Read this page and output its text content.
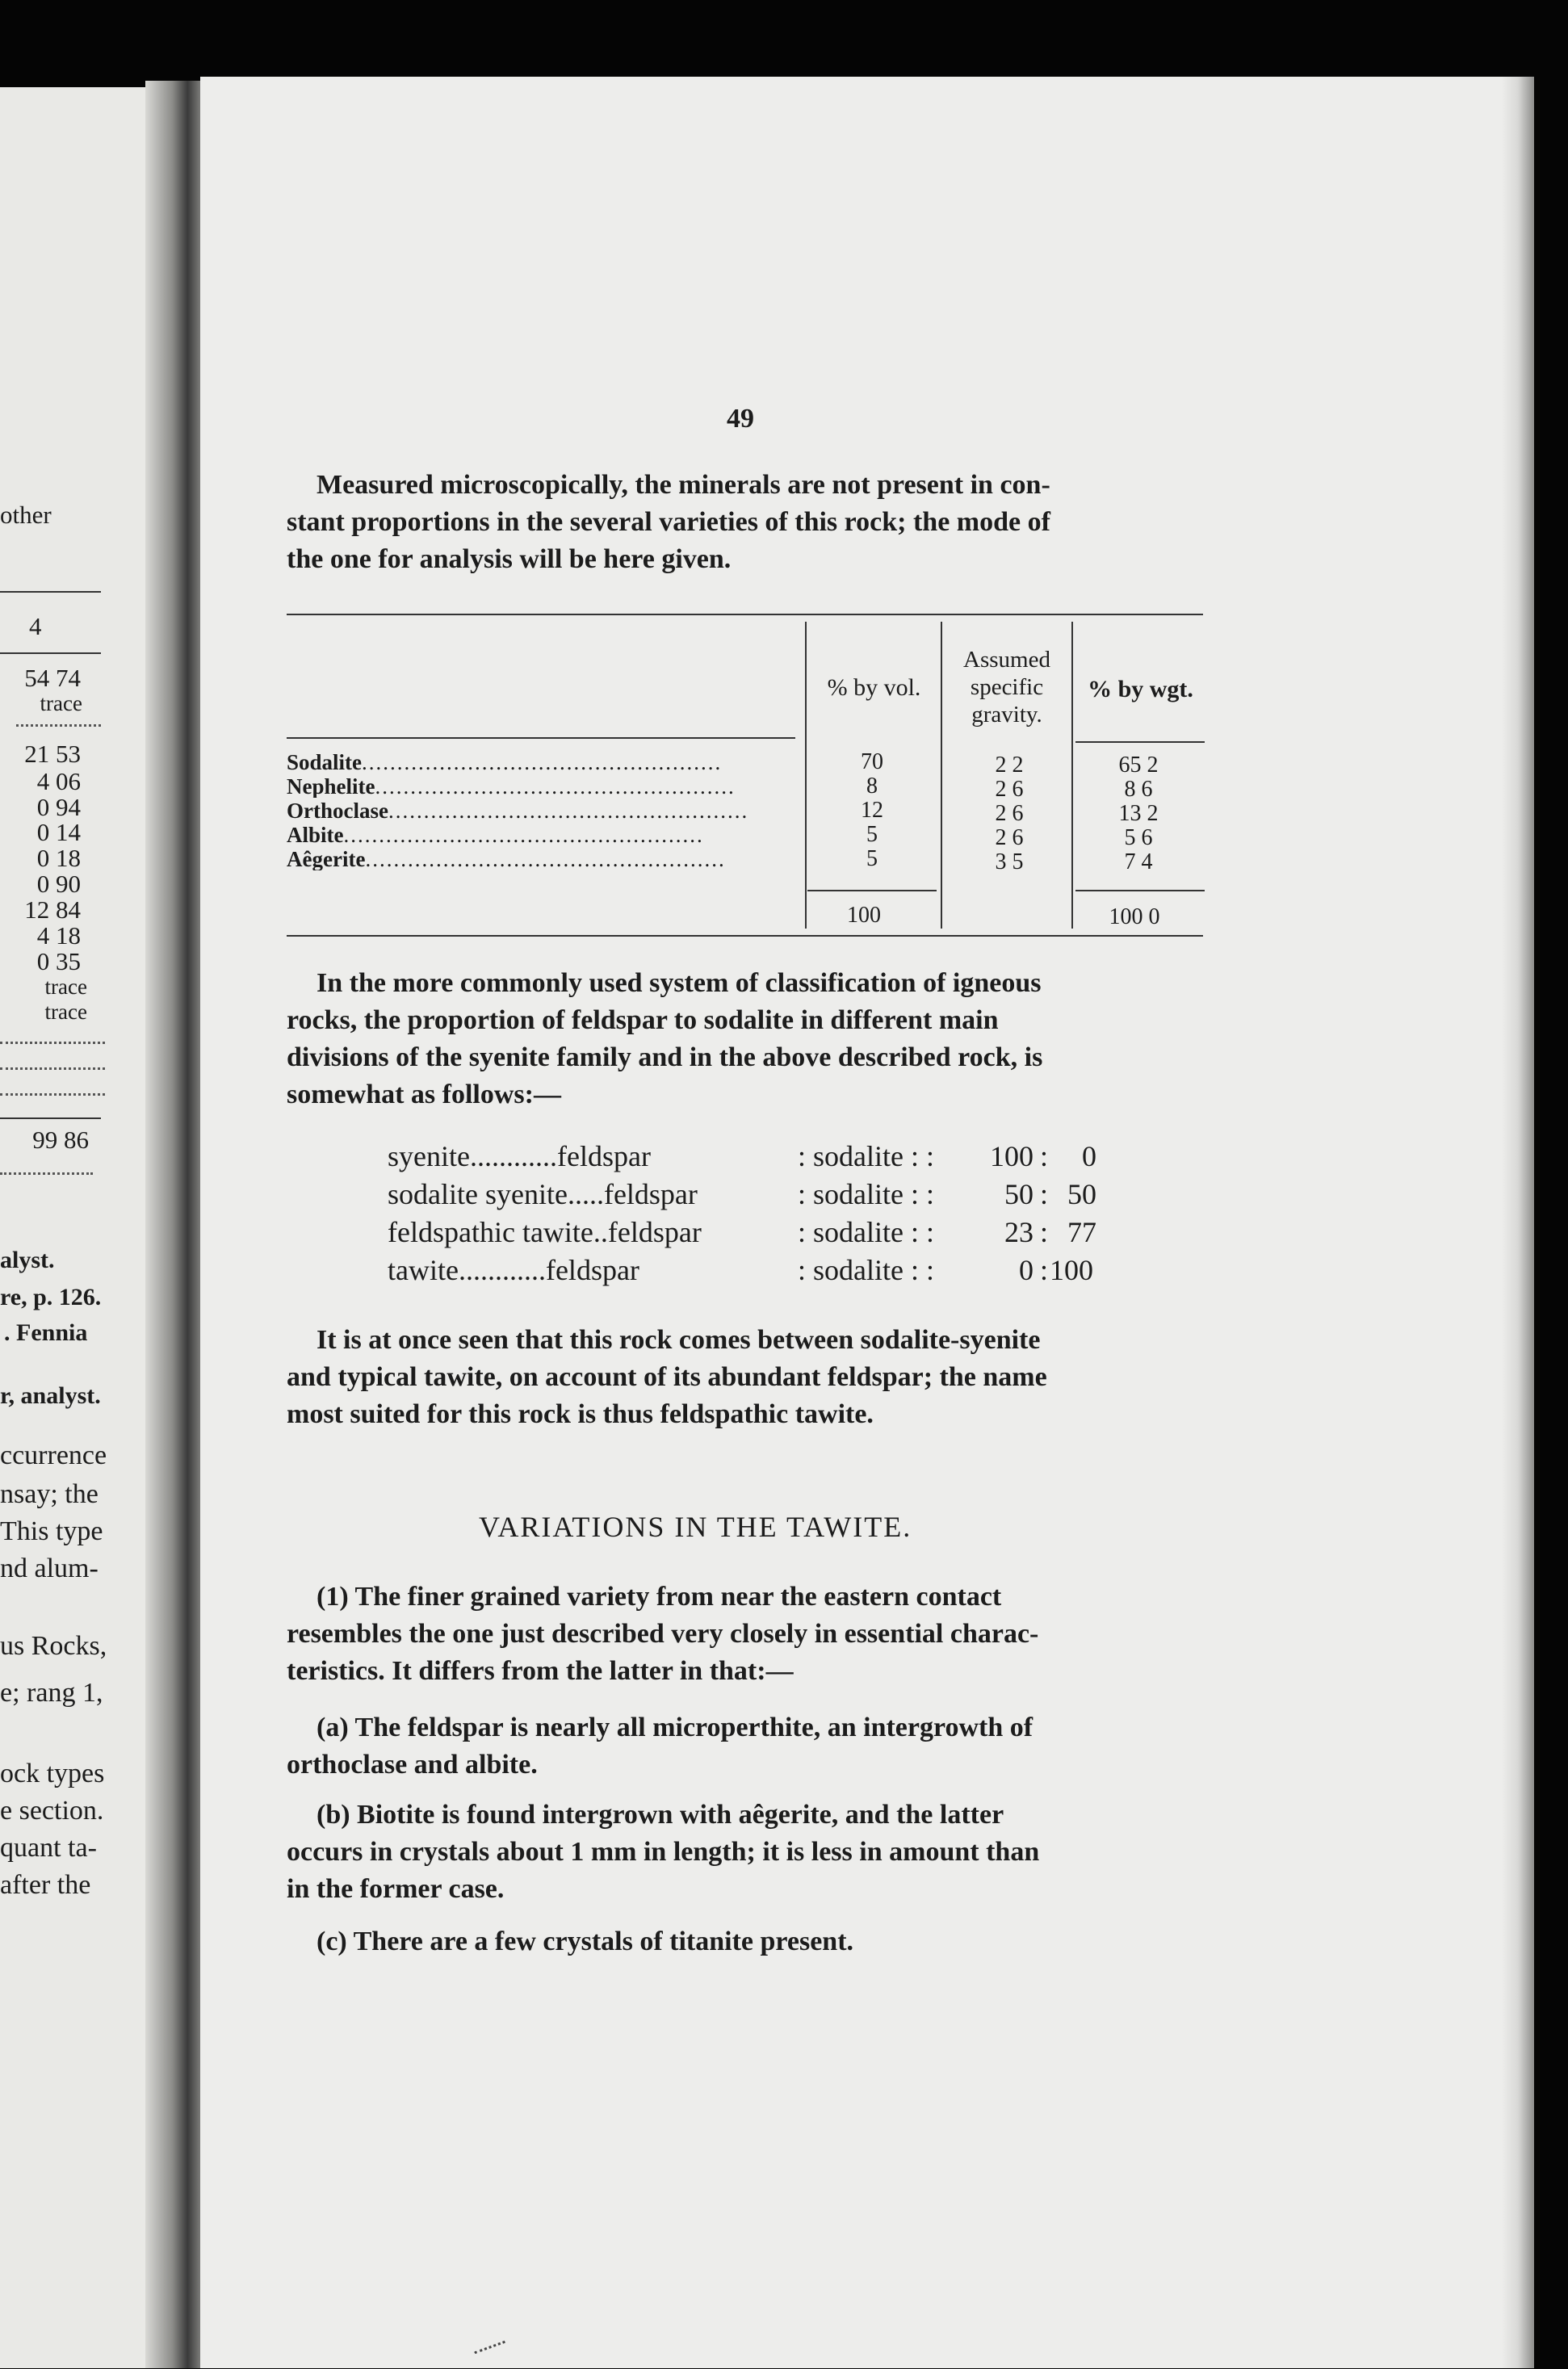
other
4
54 74
trace
21 53
4 06
0 94
0 14
0 18
0 90
12 84
4 18
0 35
trace
trace
99 86
alyst.
re, p. 126.
. Fennia
r, analyst.
ccurrence
nsay; the
This type
nd alum-
us Rocks,
e; rang 1,
ock types
e section.
quant ta-
after the
49
Measured microscopically, the minerals are not present in con-
stant proportions in the several varieties of this rock; the mode of
the one for analysis will be here given.
% by vol.
Assumed
specific
gravity.
% by wgt.
Sodalite...................................................
Nephelite...................................................
Orthoclase...................................................
Albite...................................................
Aêgerite...................................................
70
8
12
5
5
2 2
2 6
2 6
2 6
3 5
65 2
8 6
13 2
5 6
7 4
100	100 0
In the more commonly used system of classification of igneous
rocks, the proportion of feldspar to sodalite in different main
divisions of the syenite family and in the above described rock, is
somewhat as follows:—
syenite............feldspar
sodalite syenite.....feldspar
feldspathic tawite..feldspar
tawite............feldspar
: sodalite : :
: sodalite : :
: sodalite : :
: sodalite : :
100
50
23
0
:
:
:
:
0
50
77
100
It is at once seen that this rock comes between sodalite-syenite
and typical tawite, on account of its abundant feldspar; the name
most suited for this rock is thus feldspathic tawite.
VARIATIONS IN THE TAWITE.
(1) The finer grained variety from near the eastern contact
resembles the one just described very closely in essential charac-
teristics. It differs from the latter in that:—
(a) The feldspar is nearly all microperthite, an intergrowth of
orthoclase and albite.
(b) Biotite is found intergrown with aêgerite, and the latter
occurs in crystals about 1 mm in length; it is less in amount than
in the former case.
(c) There are a few crystals of titanite present.
